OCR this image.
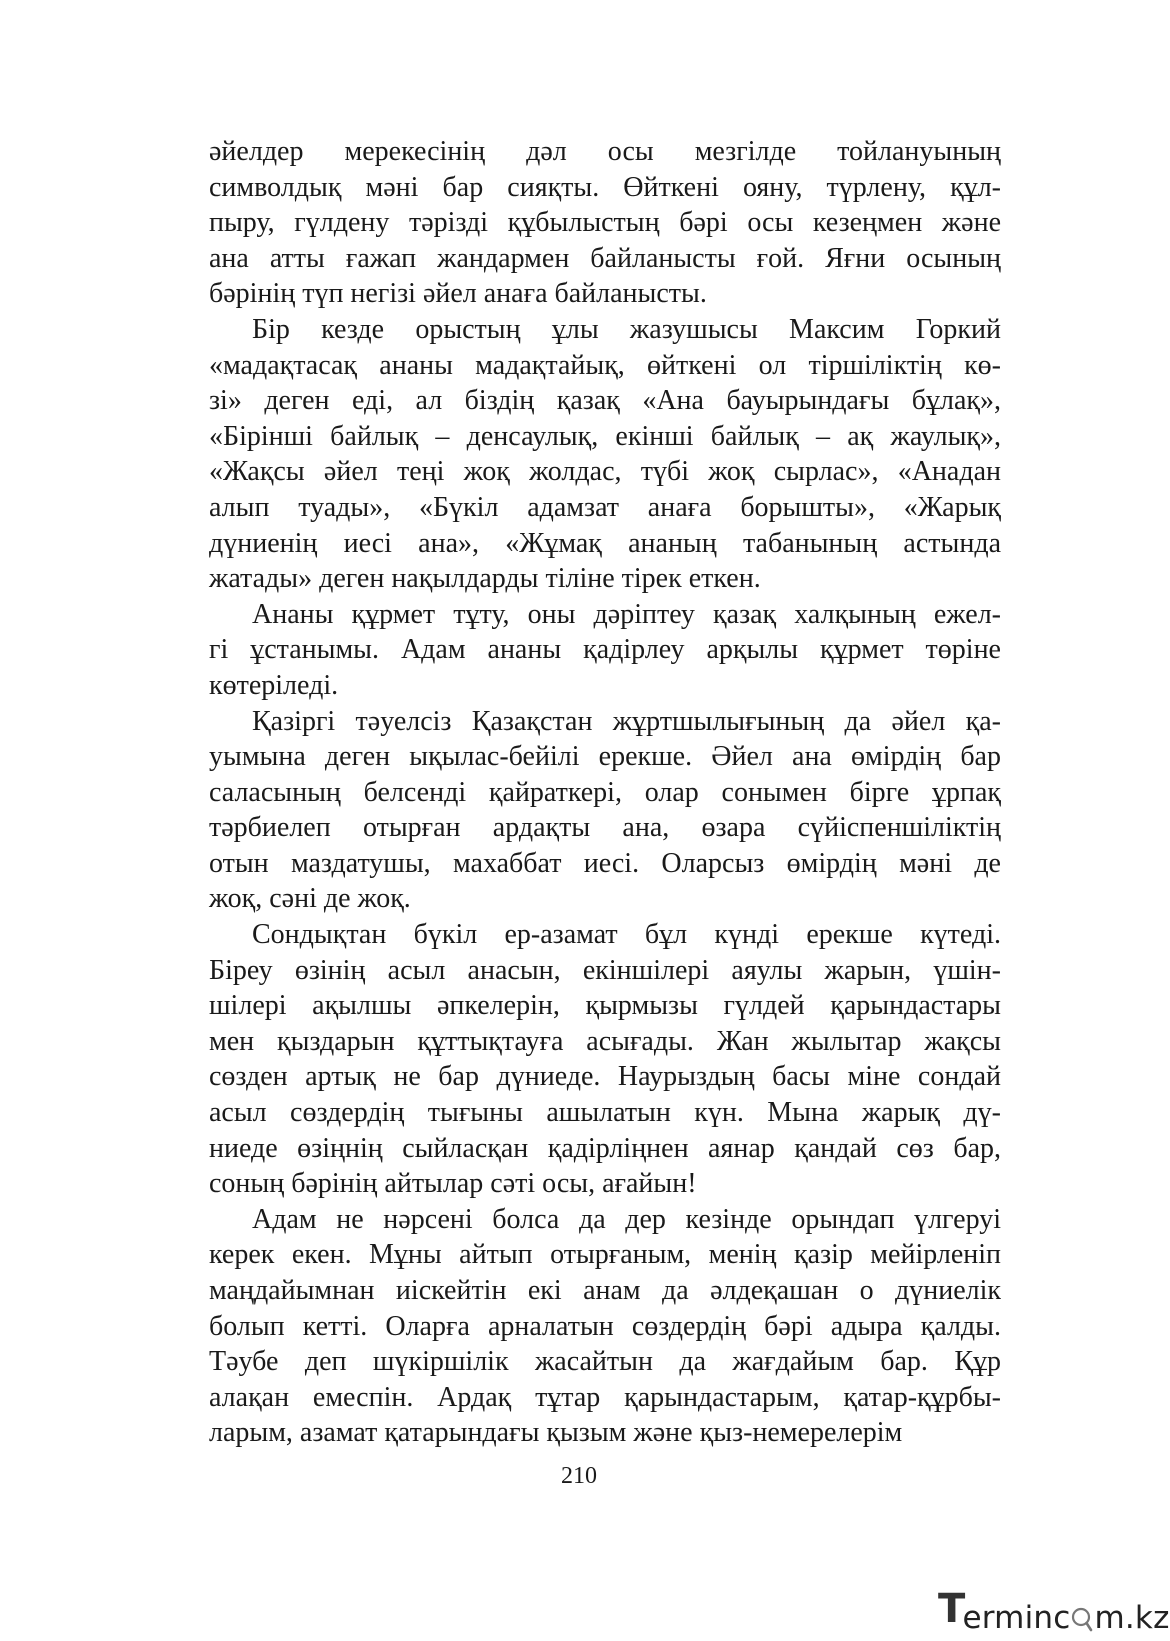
әйелдер мерекесінің дәл осы мезгілде тойлануының
символдық мәні бар сияқты. Өйткені ояну, түрлену, құл-
пыру, гүлдену тәрізді құбылыстың бәрі осы кезеңмен және
ана атты ғажап жандармен байланысты ғой. Яғни осының
бәрінің түп негізі әйел анаға байланысты.

Бір кезде орыстың ұлы жазушысы Максим Горкий
«мадақтасақ ананы мадақтайық, өйткені ол тіршіліктің кө-
зі» деген еді, ал біздің қазақ «Ана бауырындағы бұлақ»,
«Бірінші байлық – денсаулық, екінші байлық – ақ жаулық»,
«Жақсы әйел теңі жоқ жолдас, түбі жоқ сырлас», «Анадан
алып туады», «Бүкіл адамзат анаға борышты», «Жарық
дүниенің иесі ана», «Жұмақ ананың табанының астында
жатады» деген нақылдарды тіліне тірек еткен.

Ананы құрмет тұту, оны дәріптеу қазақ халқының ежел-
гі ұстанымы. Адам ананы қадірлеу арқылы құрмет төріне
көтеріледі.

Қазіргі тәуелсіз Қазақстан жұртшылығының да әйел қа-
уымына деген ықылас-бейілі ерекше. Әйел ана өмірдің бар
саласының белсенді қайраткері, олар сонымен бірге ұрпақ
тәрбиелеп отырған ардақты ана, өзара сүйіспеншіліктің
отын маздатушы, махаббат иесі. Оларсыз өмірдің мәні де
жоқ, сәні де жоқ.

Сондықтан бүкіл ер-азамат бұл күнді ерекше күтеді.
Біреу өзінің асыл анасын, екіншілері аяулы жарын, үшін-
шілері ақылшы әпкелерін, қырмызы гүлдей қарындастары
мен қыздарын құттықтауға асығады. Жан жылытар жақсы
сөзден артық не бар дүниеде. Наурыздың басы міне сондай
асыл сөздердің тығыны ашылатын күн. Мына жарық дү-
ниеде өзіңнің сыйласқан қадірліңнен аянар қандай сөз бар,
соның бәрінің айтылар сәті осы, ағайын!

Адам не нәрсені болса да дер кезінде орындап үлгеруі
керек екен. Мұны айтып отырғаным, менің қазір мейірленіп
маңдайымнан иіскейтін екі анам да әлдеқашан о дүниелік
болып кетті. Оларға арналатын сөздердің бәрі адыра қалды.
Тәубе деп шүкіршілік жасайтын да жағдайым бар. Құр
алақан емеспін. Ардақ тұтар қарындастарым, қатар-құрбы-
ларым, азамат қатарындағы қызым және қыз-немерелерім

210
Terminc m.kz
